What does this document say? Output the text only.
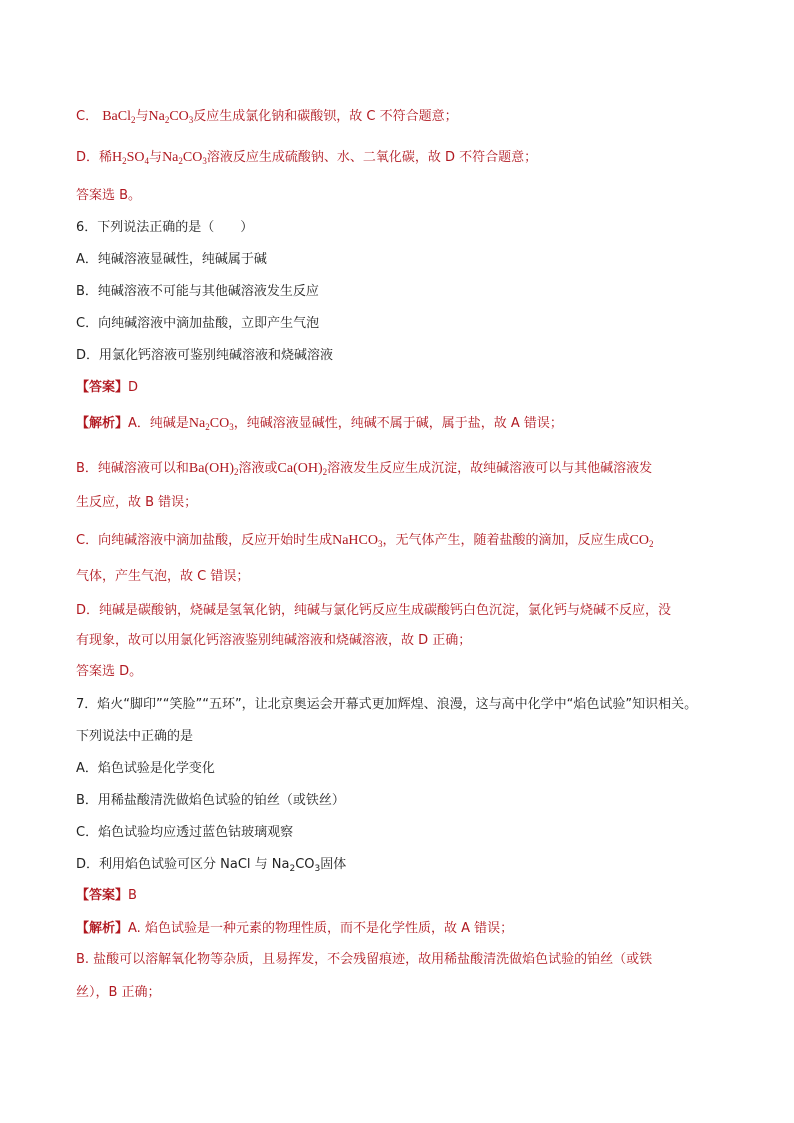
C． BaCl$_2$与$Na_2CO_3$反应生成氯化钠和碳酸钡，故 C 不符合题意；
D．稀$H_2SO_4$与$Na_2CO_3$溶液反应生成硫酸钠、水、二氧化碳，故 D 不符合题意；
答案选 B。
6．下列说法正确的是（　　）
A．纯碱溶液显碱性，纯碱属于碱
B．纯碱溶液不可能与其他碱溶液发生反应
C．向纯碱溶液中滴加盐酸，立即产生气泡
D．用氯化钙溶液可鉴别纯碱溶液和烧碱溶液
【答案】D
【解析】A．纯碱是$Na_2CO_3$，纯碱溶液显碱性，纯碱不属于碱，属于盐，故 A 错误；
B．纯碱溶液可以和$Ba(OH)_2$溶液或$Ca(OH)_2$溶液发生反应生成沉淀，故纯碱溶液可以与其他碱溶液发
生反应，故 B 错误；
C．向纯碱溶液中滴加盐酸，反应开始时生成NaHCO$_3$，无气体产生，随着盐酸的滴加，反应生成$CO_2$
气体，产生气泡，故 C 错误；
D．纯碱是碳酸钠，烧碱是氢氧化钠，纯碱与氯化钙反应生成碳酸钙白色沉淀，氯化钙与烧碱不反应，没
有现象，故可以用氯化钙溶液鉴别纯碱溶液和烧碱溶液，故 D 正确；
答案选 D。
7．焰火“脚印”“笑脸”“五环”，让北京奥运会开幕式更加辉煌、浪漫，这与高中化学中“焰色试验”知识相关。
下列说法中正确的是
A．焰色试验是化学变化
B．用稀盐酸清洗做焰色试验的铂丝（或铁丝）
C．焰色试验均应透过蓝色钴玻璃观察
D．利用焰色试验可区分 NaCl 与 $Na_2CO_3$固体
【答案】B
【解析】A. 焰色试验是一种元素的物理性质，而不是化学性质，故 A 错误；
B. 盐酸可以溶解氧化物等杂质，且易挥发，不会残留痕迹，故用稀盐酸清洗做焰色试验的铂丝（或铁
丝），B 正确；
